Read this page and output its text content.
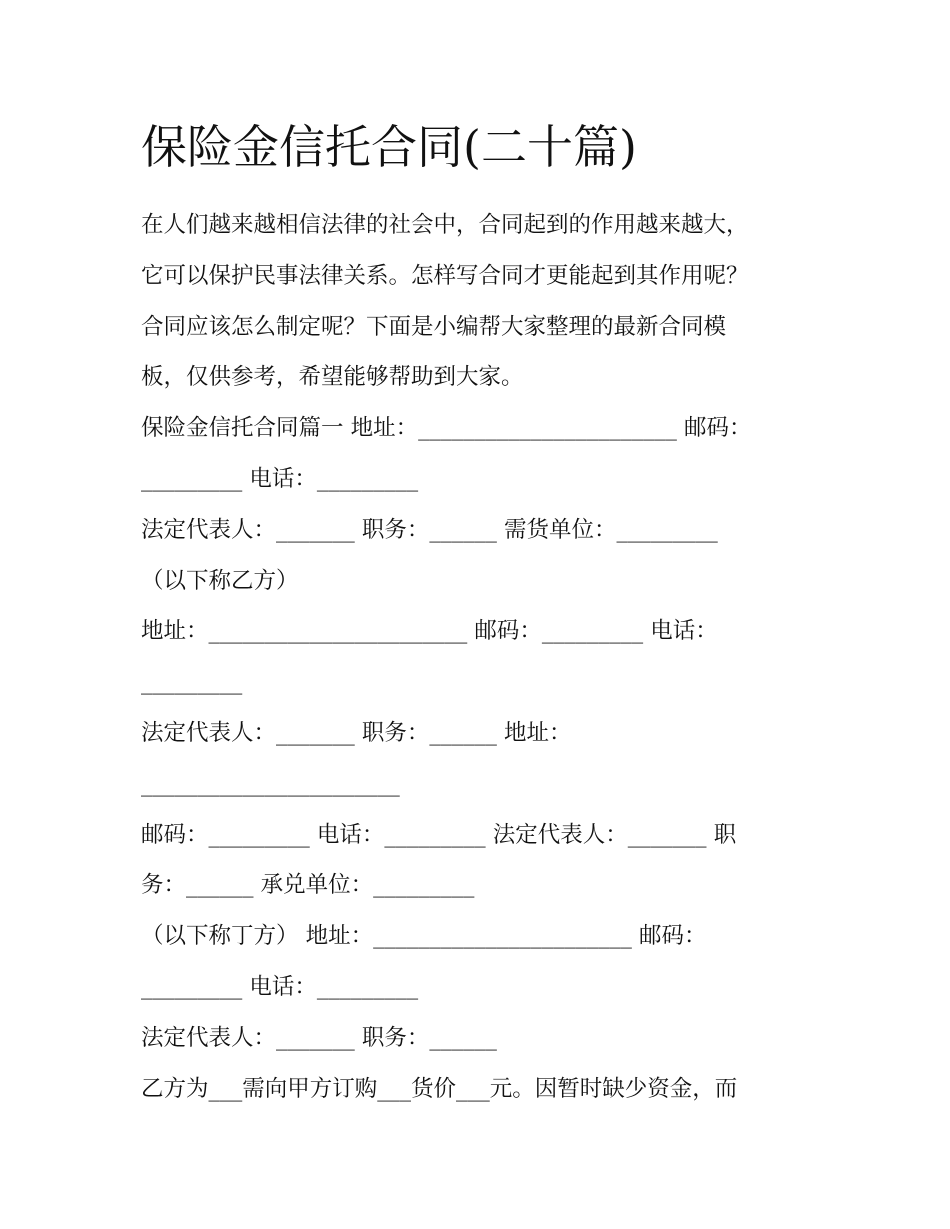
保险金信托合同(二十篇)

在人们越来越相信法律的社会中，合同起到的作用越来越大，

它可以保护民事法律关系。怎样写合同才更能起到其作用呢？

合同应该怎么制定呢？下面是小编帮大家整理的最新合同模

板，仅供参考，希望能够帮助到大家。

保险金信托合同篇一 地址：_______________________ 邮码：

_________ 电话：_________

法定代表人：_______ 职务：______ 需货单位：_________

（以下称乙方）

地址：_______________________ 邮码：_________ 电话：

_________

法定代表人：_______ 职务：______ 地址：

_______________________

邮码：_________ 电话：_________ 法定代表人：_______ 职

务：______ 承兑单位：_________

（以下称丁方） 地址：_______________________ 邮码：

_________ 电话：_________

法定代表人：_______ 职务：______

乙方为___需向甲方订购___货价___元。因暂时缺少资金，而
